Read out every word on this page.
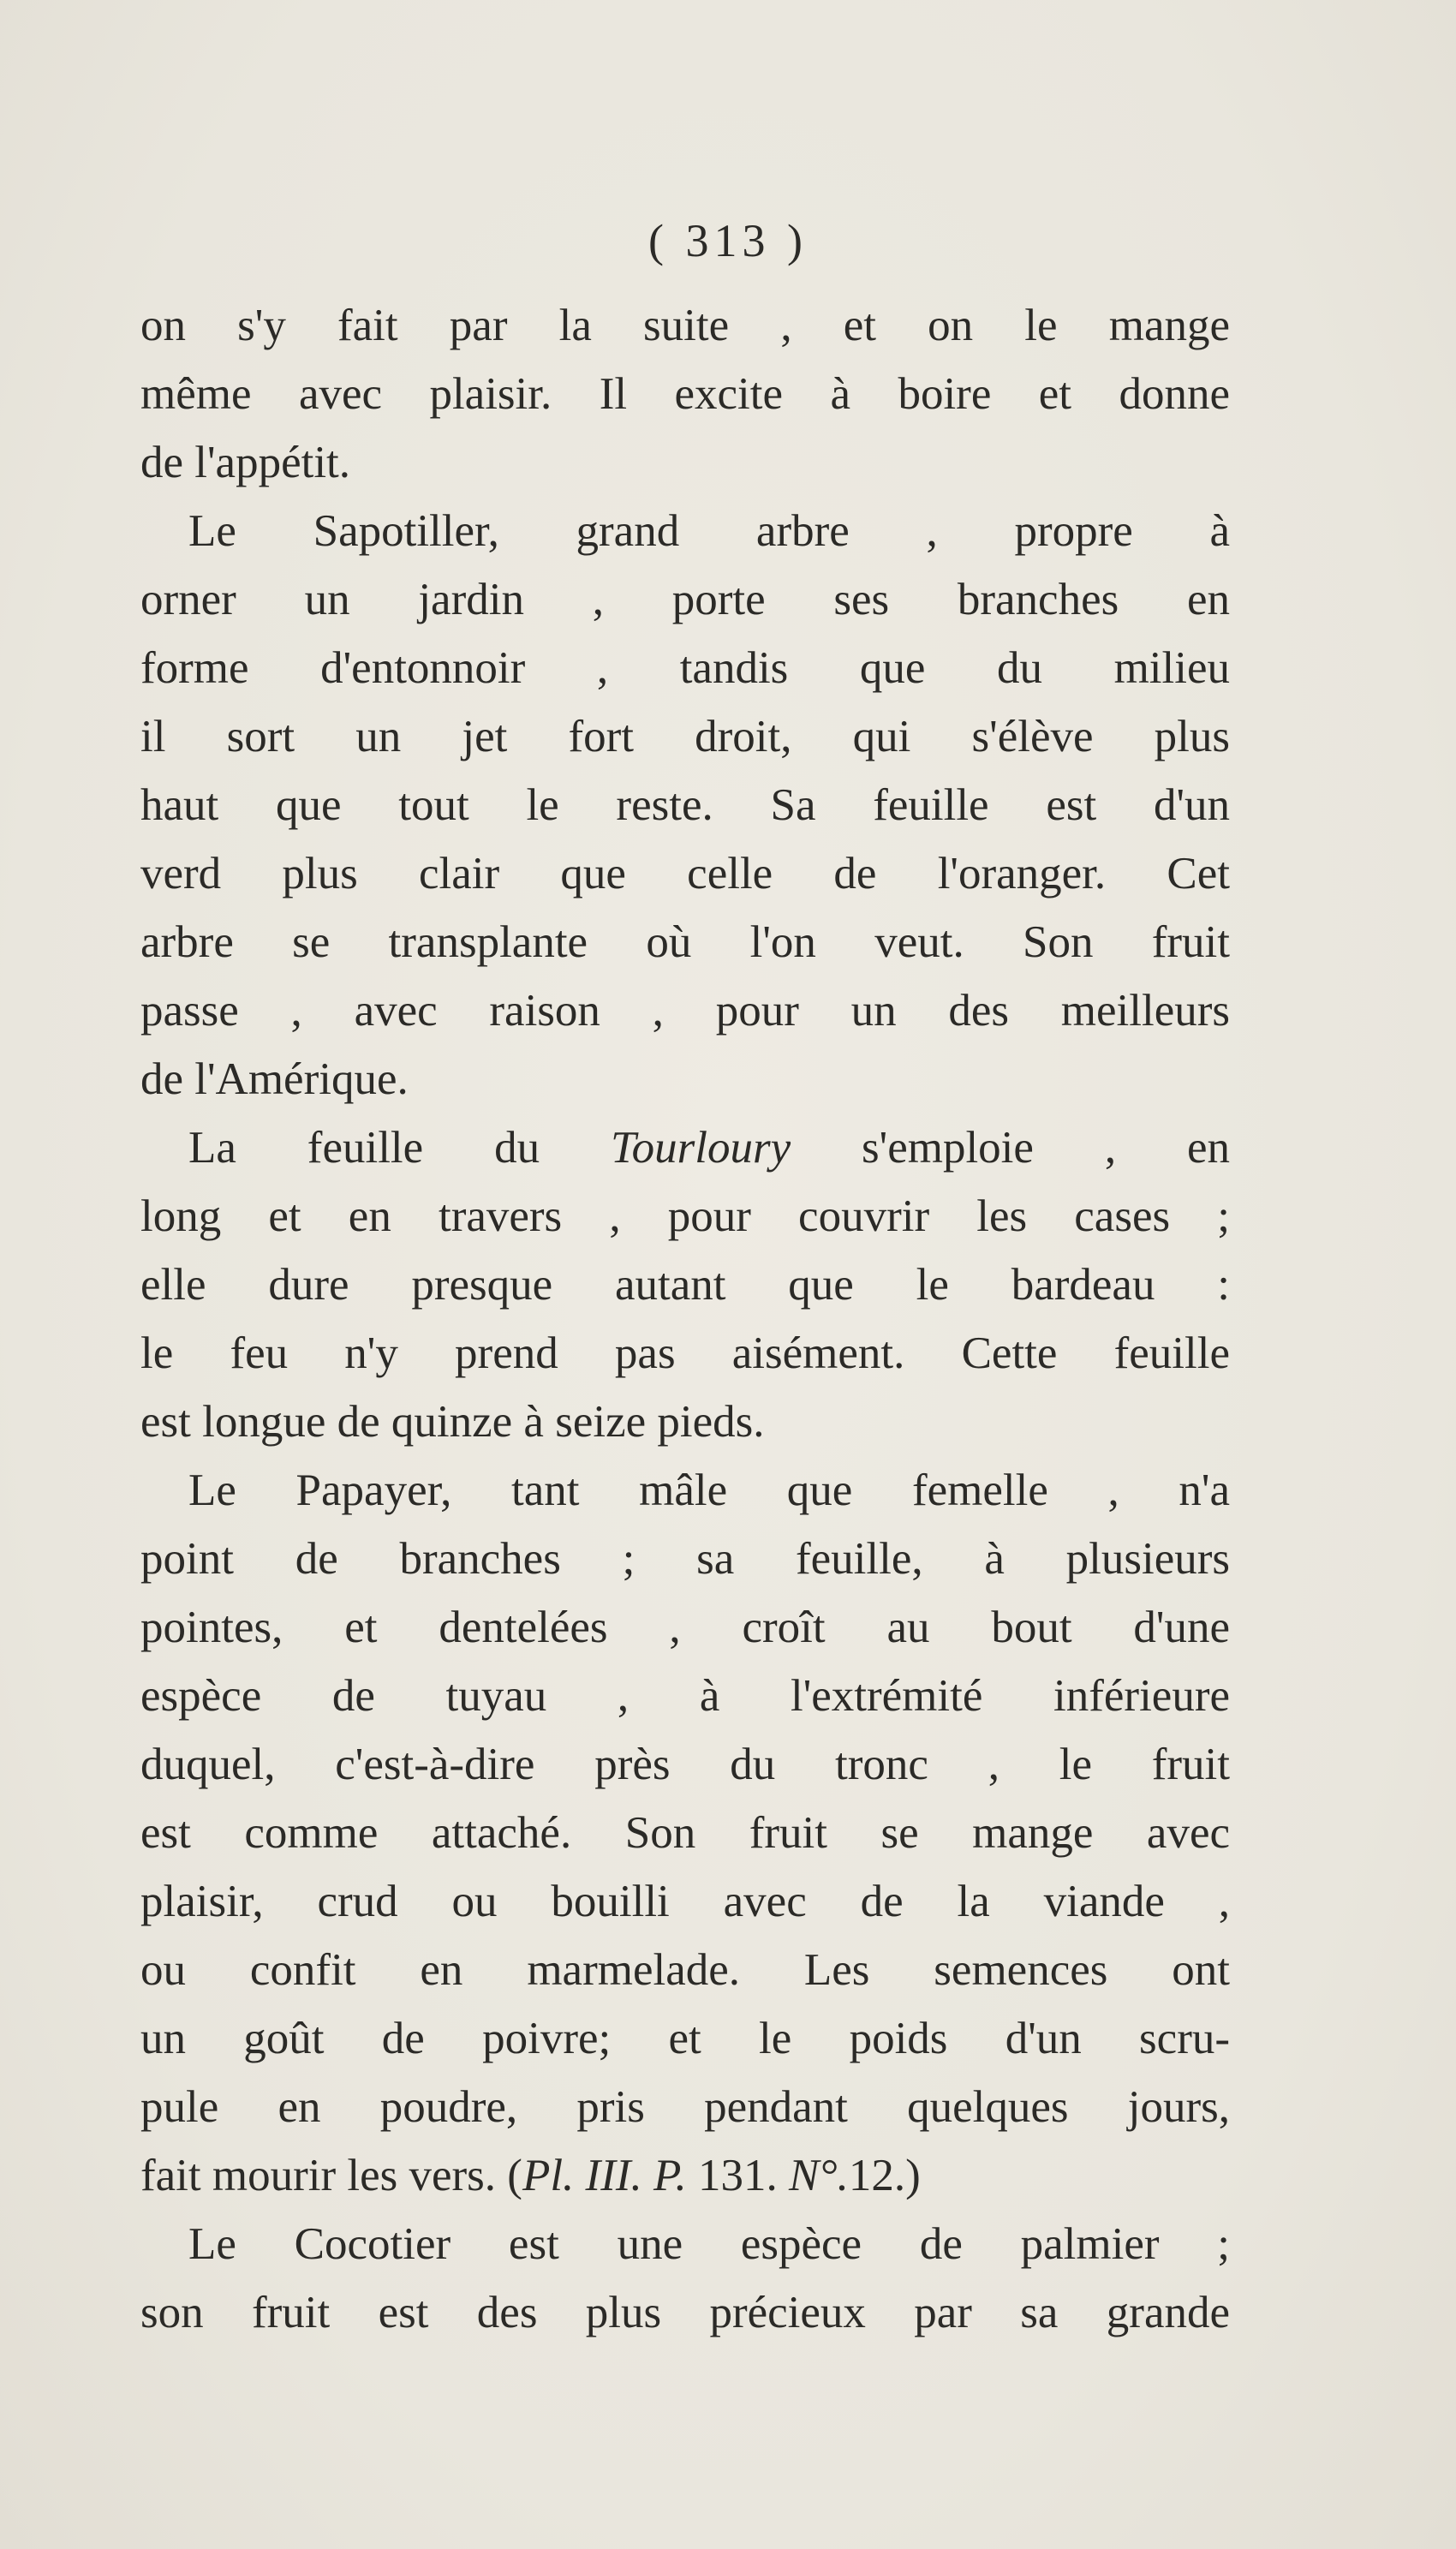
( 313 )
on s'y fait par la suite , et on le mange
même avec plaisir. Il excite à boire et donne
de l'appétit.
Le Sapotiller, grand arbre , propre à
orner un jardin , porte ses branches en
forme d'entonnoir , tandis que du milieu
il sort un jet fort droit, qui s'élève plus
haut que tout le reste. Sa feuille est d'un
verd plus clair que celle de l'oranger. Cet
arbre se transplante où l'on veut. Son fruit
passe , avec raison , pour un des meilleurs
de l'Amérique.
La feuille du Tourloury s'emploie , en
long et en travers , pour couvrir les cases ;
elle dure presque autant que le bardeau :
le feu n'y prend pas aisément. Cette feuille
est longue de quinze à seize pieds.
Le Papayer, tant mâle que femelle , n'a
point de branches ; sa feuille, à plusieurs
pointes, et dentelées , croît au bout d'une
espèce de tuyau , à l'extrémité inférieure
duquel, c'est-à-dire près du tronc , le fruit
est comme attaché. Son fruit se mange avec
plaisir, crud ou bouilli avec de la viande ,
ou confit en marmelade. Les semences ont
un goût de poivre; et le poids d'un scru-
pule en poudre, pris pendant quelques jours,
fait mourir les vers. (Pl. III. P. 131. N°.12.)
Le Cocotier est une espèce de palmier ;
son fruit est des plus précieux par sa grande
